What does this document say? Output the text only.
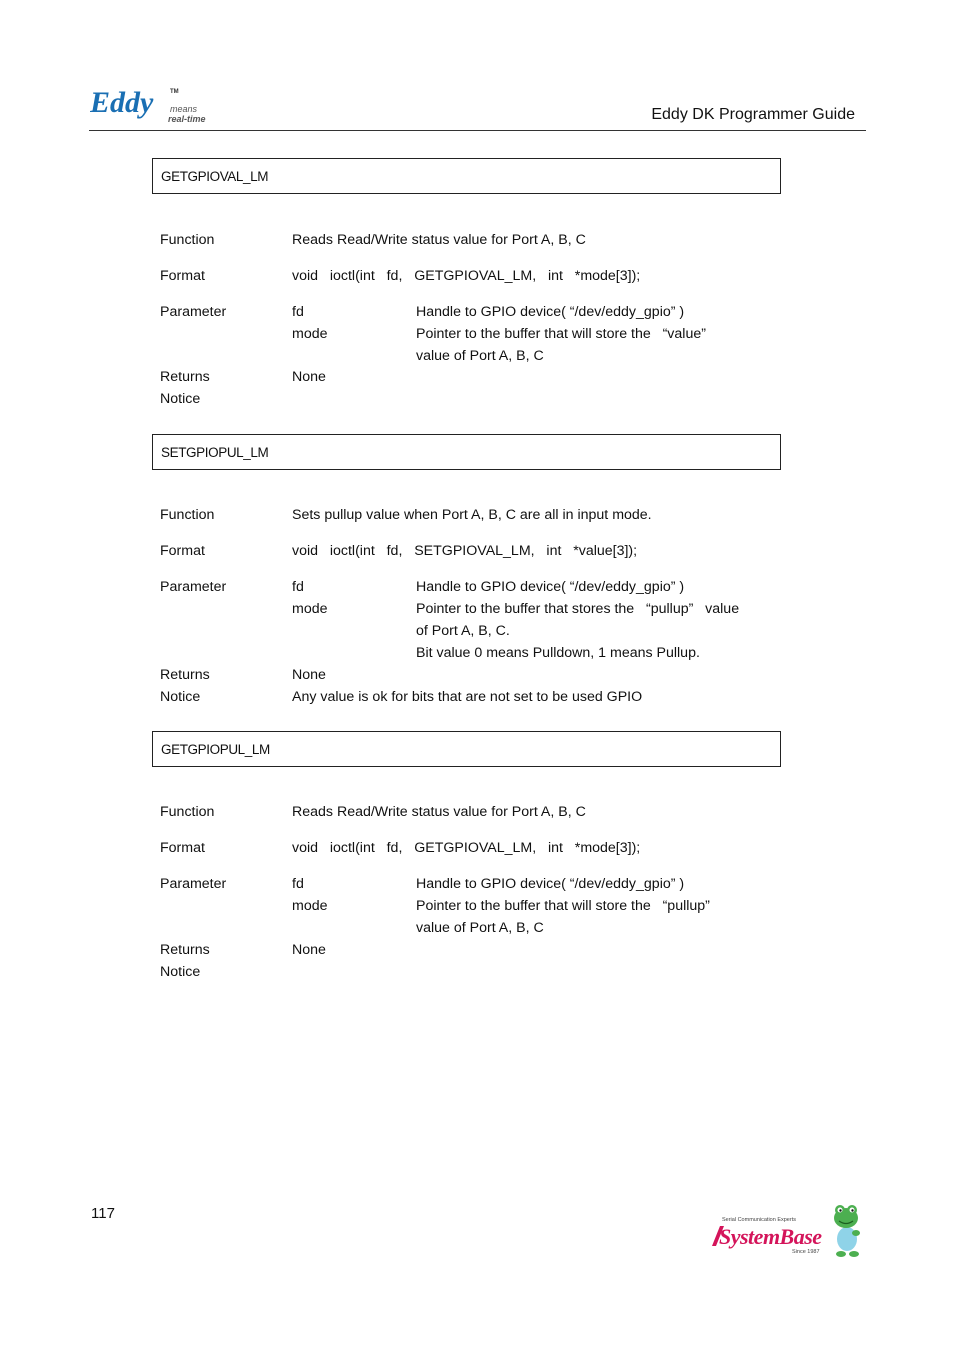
Eddy	TM
means
real-time	Eddy DK Programmer Guide
GETGPIOVAL_LM
Function	Reads Read/Write status value for Port A, B, C
Format	void   ioctl(int   fd,   GETGPIOVAL_LM,   int   *mode[3]);
Parameter	fd	Handle to GPIO device( “/dev/eddy_gpio” )
mode	Pointer to the buffer that will store the   “value”
value of Port A, B, C
Returns	None
Notice
SETGPIOPUL_LM
Function	Sets pullup value when Port A, B, C are all in input mode.
Format	void   ioctl(int   fd,   SETGPIOVAL_LM,   int   *value[3]);
Parameter	fd	Handle to GPIO device( “/dev/eddy_gpio” )
mode	Pointer to the buffer that stores the   “pullup”   value
of Port A, B, C.
Bit value 0 means Pulldown, 1 means Pullup.
Returns	None
Notice	Any value is ok for bits that are not set to be used GPIO
GETGPIOPUL_LM
Function	Reads Read/Write status value for Port A, B, C
Format	void   ioctl(int   fd,   GETGPIOVAL_LM,   int   *mode[3]);
Parameter	fd	Handle to GPIO device( “/dev/eddy_gpio” )
mode	Pointer to the buffer that will store the   “pullup”
value of Port A, B, C
Returns	None
Notice
117	Serial Communication Experts
SystemBase
Since 1987
